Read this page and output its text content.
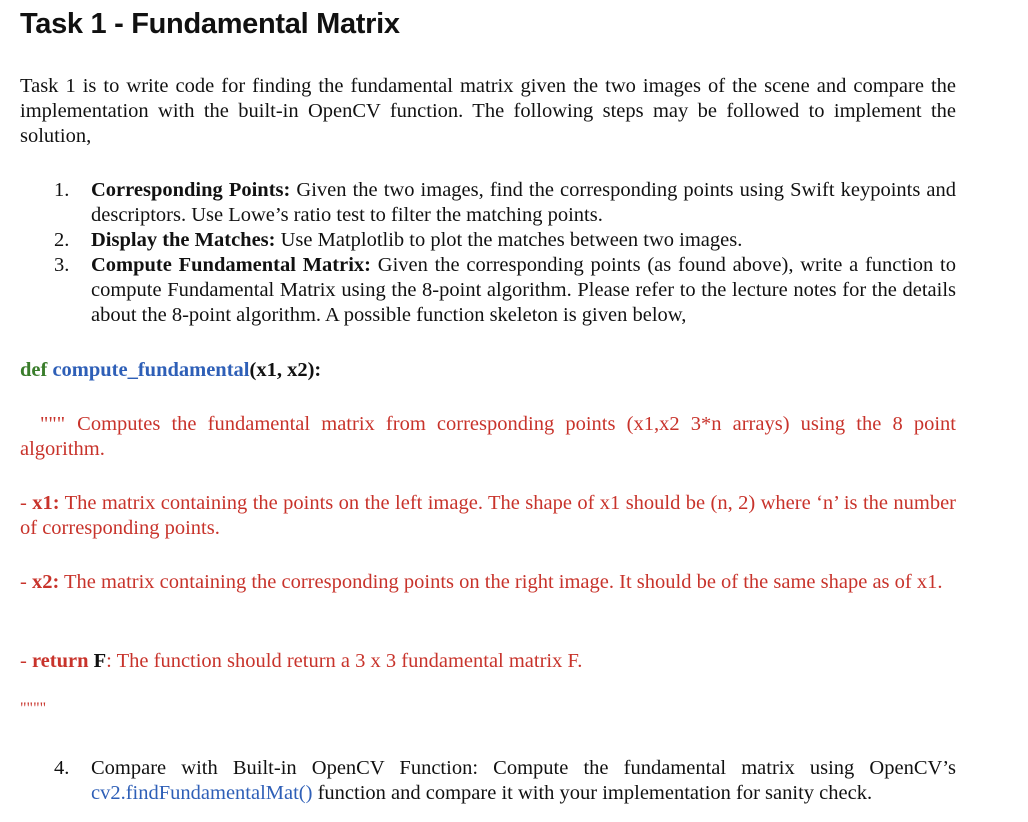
Task 1 - Fundamental Matrix

Task 1 is to write code for finding the fundamental matrix given the two images of the scene and compare the implementation with the built-in OpenCV function. The following steps may be followed to implement the solution,

1. Corresponding Points: Given the two images, find the corresponding points using Swift keypoints and descriptors. Use Lowe’s ratio test to filter the matching points.
2. Display the Matches: Use Matplotlib to plot the matches between two images.
3. Compute Fundamental Matrix: Given the corresponding points (as found above), write a function to compute Fundamental Matrix using the 8-point algorithm. Please refer to the lecture notes for the details about the 8-point algorithm. A possible function skeleton is given below,

def compute_fundamental(x1, x2):

""" Computes the fundamental matrix from corresponding points (x1,x2 3*n arrays) using the 8 point algorithm.

- x1: The matrix containing the points on the left image. The shape of x1 should be (n, 2) where ‘n’ is the number of corresponding points.

- x2: The matrix containing the corresponding points on the right image. It should be of the same shape as of x1.

- return F: The function should return a 3 x 3 fundamental matrix F.

""""

4. Compare with Built-in OpenCV Function: Compute the fundamental matrix using OpenCV’s cv2.findFundamentalMat() function and compare it with your implementation for sanity check.
